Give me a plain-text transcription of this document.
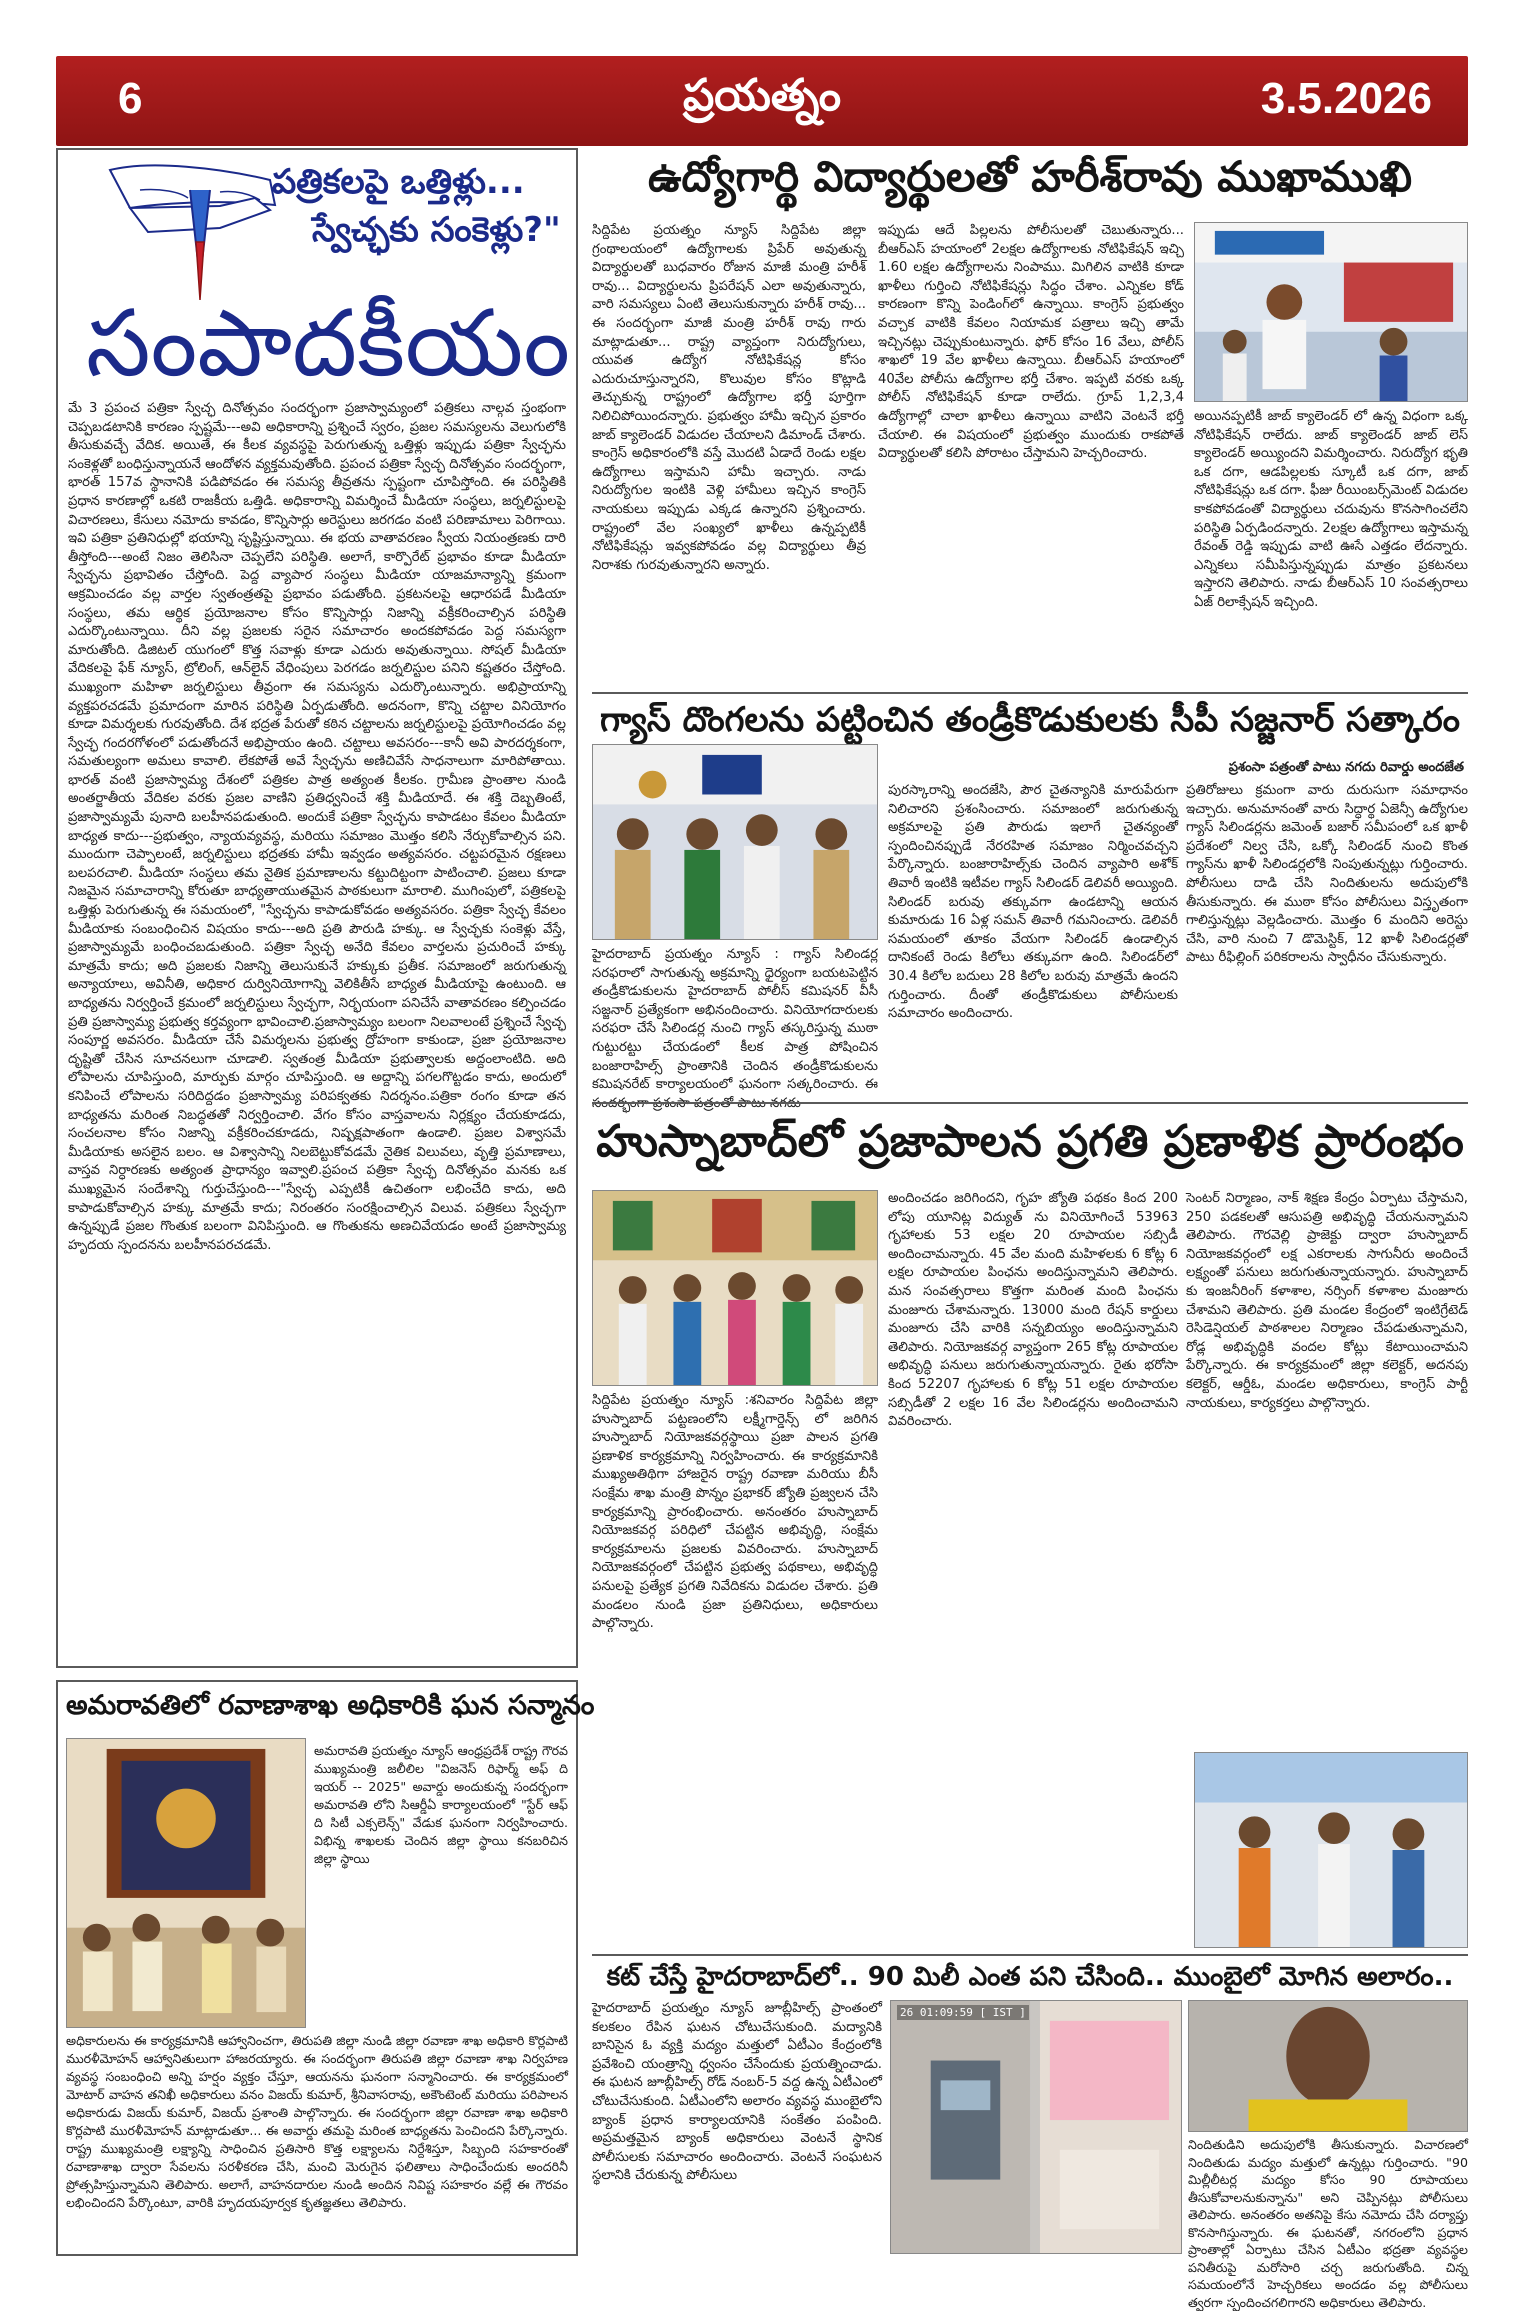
6	ప్రయత్నం	3.5.2026
పత్రికలపై ఒత్తిళ్లు...
స్వేచ్ఛకు సంకెళ్లు?"
సంపాదకీయం
మే 3 ప్రపంచ పత్రికా స్వేచ్ఛ దినోత్సవం సందర్భంగా ప్రజాస్వామ్యంలో పత్రికలు నాల్గవ స్తంభంగా చెప్పబడటానికి కారణం స్పష్టమే---అవి అధికారాన్ని ప్రశ్నించే స్వరం, ప్రజల సమస్యలను వెలుగులోకి తీసుకువచ్చే వేదిక. అయితే, ఈ కీలక వ్యవస్థపై పెరుగుతున్న ఒత్తిళ్లు ఇప్పుడు పత్రికా స్వేచ్ఛను సంకెళ్లతో బంధిస్తున్నాయనే ఆందోళన వ్యక్తమవుతోంది. ప్రపంచ పత్రికా స్వేచ్ఛ దినోత్సవం సందర్భంగా, భారత్ 157వ స్థానానికి పడిపోవడం ఈ సమస్య తీవ్రతను స్పష్టంగా చూపిస్తోంది. ఈ పరిస్థితికి ప్రధాన కారణాల్లో ఒకటి రాజకీయ ఒత్తిడి. అధికారాన్ని విమర్శించే మీడియా సంస్థలు, జర్నలిస్టులపై విచారణలు, కేసులు నమోదు కావడం, కొన్నిసార్లు అరెస్టులు జరగడం వంటి పరిణామాలు పెరిగాయి. ఇవి పత్రికా ప్రతినిధుల్లో భయాన్ని సృష్టిస్తున్నాయి. ఈ భయ వాతావరణం స్వీయ నియంత్రణకు దారి తీస్తోంది---అంటే నిజం తెలిసినా చెప్పలేని పరిస్థితి. అలాగే, కార్పొరేట్ ప్రభావం కూడా మీడియా స్వేచ్ఛను ప్రభావితం చేస్తోంది. పెద్ద వ్యాపార సంస్థలు మీడియా యాజమాన్యాన్ని క్రమంగా ఆక్రమించడం వల్ల వార్తల స్వతంత్రతపై ప్రభావం పడుతోంది. ప్రకటనలపై ఆధారపడే మీడియా సంస్థలు, తమ ఆర్థిక ప్రయోజనాల కోసం కొన్నిసార్లు నిజాన్ని వక్రీకరించాల్సిన పరిస్థితి ఎదుర్కొంటున్నాయి. దీని వల్ల ప్రజలకు సరైన సమాచారం అందకపోవడం పెద్ద సమస్యగా మారుతోంది. డిజిటల్ యుగంలో కొత్త సవాళ్లు కూడా ఎదురు అవుతున్నాయి. సోషల్ మీడియా వేదికలపై ఫేక్ న్యూస్, ట్రోలింగ్, ఆన్‌లైన్ వేధింపులు పెరగడం జర్నలిస్టుల పనిని కష్టతరం చేస్తోంది. ముఖ్యంగా మహిళా జర్నలిస్టులు తీవ్రంగా ఈ సమస్యను ఎదుర్కొంటున్నారు. అభిప్రాయాన్ని వ్యక్తపరచడమే ప్రమాదంగా మారిన పరిస్థితి ఏర్పడుతోంది. అదనంగా, కొన్ని చట్టాల వినియోగం కూడా విమర్శలకు గురవుతోంది. దేశ భద్రత పేరుతో కఠిన చట్టాలను జర్నలిస్టులపై ప్రయోగించడం వల్ల స్వేచ్ఛ గందరగోళంలో పడుతోందనే అభిప్రాయం ఉంది. చట్టాలు అవసరం---కానీ అవి పారదర్శకంగా, సమతుల్యంగా అమలు కావాలి. లేకపోతే అవే స్వేచ్ఛను అణిచివేసే సాధనాలుగా మారిపోతాయి. భారత్ వంటి ప్రజాస్వామ్య దేశంలో పత్రికల పాత్ర అత్యంత కీలకం. గ్రామీణ ప్రాంతాల నుండి అంతర్జాతీయ వేదికల వరకు ప్రజల వాణిని ప్రతిధ్వనించే శక్తి మీడియాదే. ఈ శక్తి దెబ్బతింటే, ప్రజాస్వామ్యమే పునాది బలహీనపడుతుంది. అందుకే పత్రికా స్వేచ్ఛను కాపాడటం కేవలం మీడియా బాధ్యత కాదు---ప్రభుత్వం, న్యాయవ్యవస్థ, మరియు సమాజం మొత్తం కలిసి నేర్చుకోవాల్సిన పని. ముందుగా చెప్పాలంటే, జర్నలిస్టులు భద్రతకు హామీ ఇవ్వడం అత్యవసరం. చట్టపరమైన రక్షణలు బలపరచాలి. మీడియా సంస్థలు తమ నైతిక ప్రమాణాలను కట్టుదిట్టంగా పాటించాలి. ప్రజలు కూడా నిజమైన సమాచారాన్ని కోరుతూ బాధ్యతాయుతమైన పాఠకులుగా మారాలి. ముగింపులో, పత్రికలపై ఒత్తిళ్లు పెరుగుతున్న ఈ సమయంలో, "స్వేచ్ఛను కాపాడుకోవడం అత్యవసరం. పత్రికా స్వేచ్ఛ కేవలం మీడియాకు సంబంధించిన విషయం కాదు---అది ప్రతి పౌరుడి హక్కు. ఆ స్వేచ్ఛకు సంకెళ్లు వేస్తే, ప్రజాస్వామ్యమే బంధించబడుతుంది. పత్రికా స్వేచ్ఛ అనేది కేవలం వార్తలను ప్రచురించే హక్కు మాత్రమే కాదు; అది ప్రజలకు నిజాన్ని తెలుసుకునే హక్కుకు ప్రతీక. సమాజంలో జరుగుతున్న అన్యాయాలు, అవినీతి, అధికార దుర్వినియోగాన్ని వెలికితీసే బాధ్యత మీడియాపై ఉంటుంది. ఆ బాధ్యతను నిర్వర్తించే క్రమంలో జర్నలిస్టులు స్వేచ్ఛగా, నిర్భయంగా పనిచేసే వాతావరణం కల్పించడం ప్రతి ప్రజాస్వామ్య ప్రభుత్వ కర్తవ్యంగా భావించాలి.ప్రజాస్వామ్యం బలంగా నిలవాలంటే ప్రశ్నించే స్వేచ్ఛ సంపూర్ణ అవసరం. మీడియా చేసే విమర్శలను ప్రభుత్వ ద్రోహంగా కాకుండా, ప్రజా ప్రయోజనాల దృష్టితో చేసిన సూచనలుగా చూడాలి. స్వతంత్ర మీడియా ప్రభుత్వాలకు అద్దంలాంటిది. అది లోపాలను చూపిస్తుంది, మార్పుకు మార్గం చూపిస్తుంది. ఆ అద్దాన్ని పగలగొట్టడం కాదు, అందులో కనిపించే లోపాలను సరిదిద్దడం ప్రజాస్వామ్య పరిపక్వతకు నిదర్శనం.పత్రికా రంగం కూడా తన బాధ్యతను మరింత నిబద్ధతతో నిర్వర్తించాలి. వేగం కోసం వాస్తవాలను నిర్లక్ష్యం చేయకూడదు, సంచలనాల కోసం నిజాన్ని వక్రీకరించకూడదు, నిష్పక్షపాతంగా ఉండాలి. ప్రజల విశ్వాసమే మీడియాకు అసలైన బలం. ఆ విశ్వాసాన్ని నిలబెట్టుకోవడమే నైతిక విలువలు, వృత్తి ప్రమాణాలు, వాస్తవ నిర్ధారణకు అత్యంత ప్రాధాన్యం ఇవ్వాలి.ప్రపంచ పత్రికా స్వేచ్ఛ దినోత్సవం మనకు ఒక ముఖ్యమైన సందేశాన్ని గుర్తుచేస్తుంది---"స్వేచ్ఛ ఎప్పటికీ ఉచితంగా లభించేది కాదు, అది కాపాడుకోవాల్సిన హక్కు మాత్రమే కాదు; నిరంతరం సంరక్షించాల్సిన విలువ. పత్రికలు స్వేచ్ఛగా ఉన్నప్పుడే ప్రజల గొంతుక బలంగా వినిపిస్తుంది. ఆ గొంతుకను అణచివేయడం అంటే ప్రజాస్వామ్య హృదయ స్పందనను బలహీనపరచడమే.
అమరావతిలో రవాణాశాఖ అధికారికి ఘన సన్మానం
అమరావతి ప్రయత్నం న్యూస్ ఆంధ్రప్రదేశ్ రాష్ట్ర గౌరవ ముఖ్యమంత్రి జలీలిల "విజనెస్ రిఫార్మ్ అఫ్ ది ఇయర్ -- 2025" అవార్డు అందుకున్న సందర్భంగా అమరావతి లోని సిఆర్డీఏ కార్యాలయంలో "స్టేర్ ఆఫ్ ది సిటీ ఎక్సలెన్స్" వేడుక ఘనంగా నిర్వహించారు. విభిన్న శాఖలకు చెందిన జిల్లా స్థాయి కనబరిచిన జిల్లా స్థాయి
అధికారులను ఈ కార్యక్రమానికి ఆహ్వానించగా, తిరుపతి జిల్లా నుండి జిల్లా రవాణా శాఖ అధికారి కొర్లపాటి మురళీమోహన్ ఆహ్వానితులుగా హాజరయ్యారు. ఈ సందర్భంగా తిరుపతి జిల్లా రవాణా శాఖ నిర్వహణ వ్యవస్థ సంబంధించి అన్ని హర్షం వ్యక్తం చేస్తూ, ఆయనను ఘనంగా సన్మానించారు. ఈ కార్యక్రమంలో మోటార్ వాహన తనిఖీ అధికారులు వనం విజయ్ కుమార్, శ్రీనివాసరావు, అకౌంటెంట్ మరియు పరిపాలన అధికారుడు విజయ్ కుమార్, విజయ్ ప్రశాంతి పాల్గొన్నారు. ఈ సందర్భంగా జిల్లా రవాణా శాఖ అధికారి కొర్లపాటి మురళీమోహన్ మాట్లాడుతూ... ఈ అవార్డు తమపై మరింత బాధ్యతను పెంచిందని పేర్కొన్నారు. రాష్ట్ర ముఖ్యమంత్రి లక్ష్యాన్ని సాధించిన ప్రతిసారి కొత్త లక్ష్యాలను నిర్దేశిస్తూ, సిబ్బంది సహకారంతో రవాణాశాఖ ద్వారా సేవలను సరళీకరణ చేసి, మంచి మెరుగైన ఫలితాలు సాధించేందుకు అందరినీ ప్రోత్సహిస్తున్నామని తెలిపారు. అలాగే, వాహనదారుల నుండి అందిన నివిష్ట సహకారం వల్లే ఈ గౌరవం లభించిందని పేర్కొంటూ, వారికి హృదయపూర్వక కృతజ్ఞతలు తెలిపారు.
ఉద్యోగార్థి విద్యార్థులతో హరీశ్‌రావు ముఖాముఖి
సిద్దిపేట ప్రయత్నం న్యూస్ సిద్దిపేట జిల్లా గ్రంథాలయంలో ఉద్యోగాలకు ప్రిపేర్ అవుతున్న విద్యార్థులతో బుధవారం రోజున మాజీ మంత్రి హరీశ్ రావు... విద్యార్థులను ప్రిపరేషన్ ఎలా అవుతున్నారు, వారి సమస్యలు ఏంటి తెలుసుకున్నారు హరీశ్ రావు... ఈ సందర్భంగా మాజీ మంత్రి హరీశ్ రావు గారు మాట్లాడుతూ... రాష్ట్ర వ్యాప్తంగా నిరుద్యోగులు, యువత ఉద్యోగ నోటిఫికేషన్ల కోసం ఎదురుచూస్తున్నారని, కొలువుల కోసం కొట్లాడి తెచ్చుకున్న రాష్ట్రంలో ఉద్యోగాల భర్తీ పూర్తిగా నిలిచిపోయిందన్నారు. ప్రభుత్వం హామీ ఇచ్చిన ప్రకారం జాబ్ క్యాలెండర్ విడుదల చేయాలని డిమాండ్ చేశారు. కాంగ్రెస్ అధికారంలోకి వస్తే మొదటి ఏడాదే రెండు లక్షల ఉద్యోగాలు ఇస్తామని హామీ ఇచ్చారు. నాడు నిరుద్యోగుల ఇంటికి వెళ్లి హామీలు ఇచ్చిన కాంగ్రెస్ నాయకులు ఇప్పుడు ఎక్కడ ఉన్నారని ప్రశ్నించారు. రాష్ట్రంలో వేల సంఖ్యలో ఖాళీలు ఉన్నప్పటికీ నోటిఫికేషన్లు ఇవ్వకపోవడం వల్ల విద్యార్థులు తీవ్ర నిరాశకు గురవుతున్నారని అన్నారు.
ఇప్పుడు ఆదే పిల్లలను పోలీసులతో చెబుతున్నారు... బీఆర్ఎస్ హయాంలో 2లక్షల ఉద్యోగాలకు నోటిఫికేషన్ ఇచ్చి 1.60 లక్షల ఉద్యోగాలను నింపాము. మిగిలిన వాటికి కూడా ఖాళీలు గుర్తించి నోటిఫికేషన్లు సిద్ధం చేశాం. ఎన్నికల కోడ్ కారణంగా కొన్ని పెండింగ్‌లో ఉన్నాయి. కాంగ్రెస్ ప్రభుత్వం వచ్చాక వాటికి కేవలం నియామక పత్రాలు ఇచ్చి తామే ఇచ్చినట్లు చెప్పుకుంటున్నారు. ఫోర్‌ కోసం 16 వేలు, పోలీస్ శాఖలో 19 వేల ఖాళీలు ఉన్నాయి. బీఆర్ఎస్ హయాంలో 40వేల పోలీసు ఉద్యోగాల భర్తీ చేశాం. ఇప్పటి వరకు ఒక్క పోలీస్ నోటిఫికేషన్ కూడా రాలేదు. గ్రూప్ 1,2,3,4 ఉద్యోగాల్లో చాలా ఖాళీలు ఉన్నాయి వాటిని వెంటనే భర్తీ చేయాలి. ఈ విషయంలో ప్రభుత్వం ముందుకు రాకపోతే విద్యార్థులతో కలిసి పోరాటం చేస్తామని హెచ్చరించారు.
అయినప్పటికీ జాబ్ క్యాలెండర్ లో ఉన్న విధంగా ఒక్క నోటిఫికేషన్ రాలేదు. జాబ్ క్యాలెండర్ జాబ్ లెస్ క్యాలెండర్ అయ్యిందని విమర్శించారు. నిరుద్యోగ భృతి ఒక దగా, ఆడపిల్లలకు స్కూటీ ఒక దగా, జాబ్ నోటిఫికేషన్లు ఒక దగా. ఫీజు రీయింబర్స్‌మెంట్ విడుదల కాకపోవడంతో విద్యార్థులు చదువును కొనసాగించలేని పరిస్థితి ఏర్పడిందన్నారు. 2లక్షల ఉద్యోగాలు ఇస్తామన్న రేవంత్ రెడ్డి ఇప్పుడు వాటి ఊసే ఎత్తడం లేదన్నారు. ఎన్నికలు సమీపిస్తున్నప్పుడు మాత్రం ప్రకటనలు ఇస్తారని తెలిపారు. నాడు బీఆర్ఎస్ 10 సంవత్సరాలు ఏజ్ రిలాక్సేషన్ ఇచ్చింది.
గ్యాస్ దొంగలను పట్టించిన తండ్రీకొడుకులకు సీపీ సజ్జనార్ సత్కారం
ప్రశంసా పత్రంతో పాటు నగదు రివార్డు అందజేత
హైదరాబాద్ ప్రయత్నం న్యూస్ : గ్యాస్ సిలిండర్ల సరఫరాలో సాగుతున్న అక్రమాన్ని ధైర్యంగా బయటపెట్టిన తండ్రీకొడుకులను హైదరాబాద్ పోలీస్ కమిషనర్ వీసీ సజ్జనార్ ప్రత్యేకంగా అభినందించారు. వినియోగదారులకు సరఫరా చేసే సిలిండర్ల నుంచి గ్యాస్ తస్కరిస్తున్న ముఠా గుట్టురట్టు చేయడంలో కీలక పాత్ర పోషించిన బంజారాహిల్స్ ప్రాంతానికి చెందిన తండ్రీకొడుకులను కమిషనరేట్ కార్యాలయంలో ఘనంగా సత్కరించారు. ఈ
పురస్కారాన్ని అందజేసి, పౌర చైతన్యానికి మారుపేరుగా నిలిచారని ప్రశంసించారు. సమాజంలో జరుగుతున్న అక్రమాలపై ప్రతి పౌరుడు ఇలాగే చైతన్యంతో స్పందించినప్పుడే నేరరహిత సమాజం నిర్మించవచ్చని పేర్కొన్నారు. బంజారాహిల్స్‌కు చెందిన వ్యాపారి అశోక్ తివారీ ఇంటికి ఇటీవల గ్యాస్ సిలిండర్ డెలివరీ అయ్యింది. సిలిండర్ బరువు తక్కువగా ఉండటాన్ని ఆయన కుమారుడు 16 ఏళ్ల సమన్ తివారీ గమనించారు. డెలివరీ సమయంలో తూకం వేయగా సిలిండర్ ఉండాల్సిన దానికంటే రెండు కిలోలు తక్కువగా ఉంది. సిలిండర్‌లో 30.4 కిలోల బదులు 28 కిలోల బరువు మాత్రమే ఉందని గుర్తించారు. దీంతో తండ్రీకొడుకులు పోలీసులకు సమాచారం అందించారు.
ప్రతిరోజులు క్రమంగా వారు దురుసుగా సమాధానం ఇచ్చారు. అనుమానంతో వారు సిద్ధార్థ ఏజెన్సీ ఉద్యోగుల గ్యాస్ సిలిండర్లను జమెంత్ బజార్ సమీపంలో ఒక ఖాళీ ప్రదేశంలో నిల్వ చేసి, ఒక్కో సిలిండర్ నుంచి కొంత గ్యాస్‌ను ఖాళీ సిలిండర్లలోకి నింపుతున్నట్లు గుర్తించారు. పోలీసులు దాడి చేసి నిందితులను అదుపులోకి తీసుకున్నారు. ఈ ముఠా కోసం పోలీసులు విస్తృతంగా గాలిస్తున్నట్లు వెల్లడించారు. మొత్తం 6 మందిని అరెస్టు చేసి, వారి నుంచి 7 డొమెస్టిక్, 12 ఖాళీ సిలిండర్లతో పాటు రీఫిల్లింగ్ పరికరాలను స్వాధీనం చేసుకున్నారు.
హుస్నాబాద్‌లో ప్రజాపాలన ప్రగతి ప్రణాళిక ప్రారంభం
సిద్దిపేట ప్రయత్నం న్యూస్ :శనివారం సిద్దిపేట జిల్లా హుస్నాబాద్ పట్టణంలోని లక్ష్మీగార్డెన్స్ లో జరిగిన హుస్నాబాద్ నియోజకవర్గస్థాయి ప్రజా పాలన ప్రగతి ప్రణాళిక కార్యక్రమాన్ని నిర్వహించారు. ఈ కార్యక్రమానికి ముఖ్యఅతిథిగా హాజరైన రాష్ట్ర రవాణా మరియు బీసీ సంక్షేమ శాఖ మంత్రి పొన్నం ప్రభాకర్ జ్యోతి ప్రజ్వలన చేసి కార్యక్రమాన్ని ప్రారంభించారు. అనంతరం హుస్నాబాద్ నియోజకవర్గ పరిధిలో చేపట్టిన అభివృద్ధి, సంక్షేమ కార్యక్రమాలను ప్రజలకు వివరించారు. హుస్నాబాద్ నియోజకవర్గంలో చేపట్టిన ప్రభుత్వ పథకాలు, అభివృద్ధి పనులపై ప్రత్యేక ప్రగతి నివేదికను విడుదల చేశారు. ప్రతి మండలం నుండి ప్రజా ప్రతినిధులు, అధికారులు పాల్గొన్నారు.
అందించడం జరిగిందని, గృహ జ్యోతి పథకం కింద 200 లోపు యూనిట్ల విద్యుత్ ను వినియోగించే 53963 గృహాలకు 53 లక్షల 20 రూపాయల సబ్సిడీ అందించామన్నారు. 45 వేల మంది మహిళలకు 6 కోట్ల 6 లక్షల రూపాయల పింఛను అందిస్తున్నామని తెలిపారు. మన సంవత్సరాలు కొత్తగా మరింత మంది పింఛను మంజూరు చేశామన్నారు. 13000 మంది రేషన్ కార్డులు మంజూరు చేసి వారికి సన్నబియ్యం అందిస్తున్నామని తెలిపారు. నియోజకవర్గ వ్యాప్తంగా 265 కోట్ల రూపాయల అభివృద్ధి పనులు జరుగుతున్నాయన్నారు. రైతు భరోసా కింద 52207 గృహాలకు 6 కోట్ల 51 లక్షల రూపాయల సబ్సిడీతో 2 లక్షల 16 వేల సిలిండర్లను అందించామని వివరించారు.
సెంటర్ నిర్మాణం, నాక్ శిక్షణ కేంద్రం ఏర్పాటు చేస్తామని, 250 పడకలతో ఆసుపత్రి అభివృద్ధి చేయనున్నామని తెలిపారు. గౌరవెల్లి ప్రాజెక్టు ద్వారా హుస్నాబాద్ నియోజకవర్గంలో లక్ష ఎకరాలకు సాగునీరు అందించే లక్ష్యంతో పనులు జరుగుతున్నాయన్నారు. హుస్నాబాద్ కు ఇంజనీరింగ్ కళాశాల, నర్సింగ్ కళాశాల మంజూరు చేశామని తెలిపారు. ప్రతి మండల కేంద్రంలో ఇంటిగ్రేటెడ్ రెసిడెన్షియల్ పాఠశాలల నిర్మాణం చేపడుతున్నామని, రోడ్ల అభివృద్ధికి వందల కోట్లు కేటాయించామని పేర్కొన్నారు. ఈ కార్యక్రమంలో జిల్లా కలెక్టర్, అదనపు కలెక్టర్, ఆర్డీఓ, మండల అధికారులు, కాంగ్రెస్ పార్టీ నాయకులు, కార్యకర్తలు పాల్గొన్నారు.
కట్ చేస్తే హైదరాబాద్‌లో.. 90 మిలీ ఎంత పని చేసింది.. ముంబైలో మోగిన అలారం..
హైదరాబాద్ ప్రయత్నం న్యూస్ జూబ్లీహిల్స్ ప్రాంతంలో కలకలం రేపిన ఘటన చోటుచేసుకుంది. మద్యానికి బానిసైన ఓ వ్యక్తి మద్యం మత్తులో ఏటీఎం కేంద్రంలోకి ప్రవేశించి యంత్రాన్ని ధ్వంసం చేసేందుకు ప్రయత్నించాడు. ఈ ఘటన జూబ్లీహిల్స్ రోడ్ నంబర్-5 వద్ద ఉన్న ఏటీఎంలో చోటుచేసుకుంది. ఏటీఎంలోని అలారం వ్యవస్థ ముంబైలోని బ్యాంక్ ప్రధాన కార్యాలయానికి సంకేతం పంపింది. అప్రమత్తమైన బ్యాంక్ అధికారులు వెంటనే స్థానిక పోలీసులకు సమాచారం అందించారు. వెంటనే సంఘటన స్థలానికి చేరుకున్న పోలీసులు
26 01:09:59 [ IST ]
నిందితుడిని అదుపులోకి తీసుకున్నారు. విచారణలో నిందితుడు మద్యం మత్తులో ఉన్నట్లు గుర్తించారు. "90 మిల్లీలీటర్ల మద్యం కోసం 90 రూపాయలు తీసుకోవాలనుకున్నాను" అని చెప్పినట్లు పోలీసులు తెలిపారు. అనంతరం అతనిపై కేసు నమోదు చేసి దర్యాప్తు కొనసాగిస్తున్నారు. ఈ ఘటనతో, నగరంలోని ప్రధాన ప్రాంతాల్లో ఏర్పాటు చేసిన ఏటీఎం భద్రతా వ్యవస్థల పనితీరుపై మరోసారి చర్చ జరుగుతోంది. చిన్న సమయంలోనే హెచ్చరికలు అందడం వల్ల పోలీసులు త్వరగా స్పందించగలిగారని అధికారులు తెలిపారు.
